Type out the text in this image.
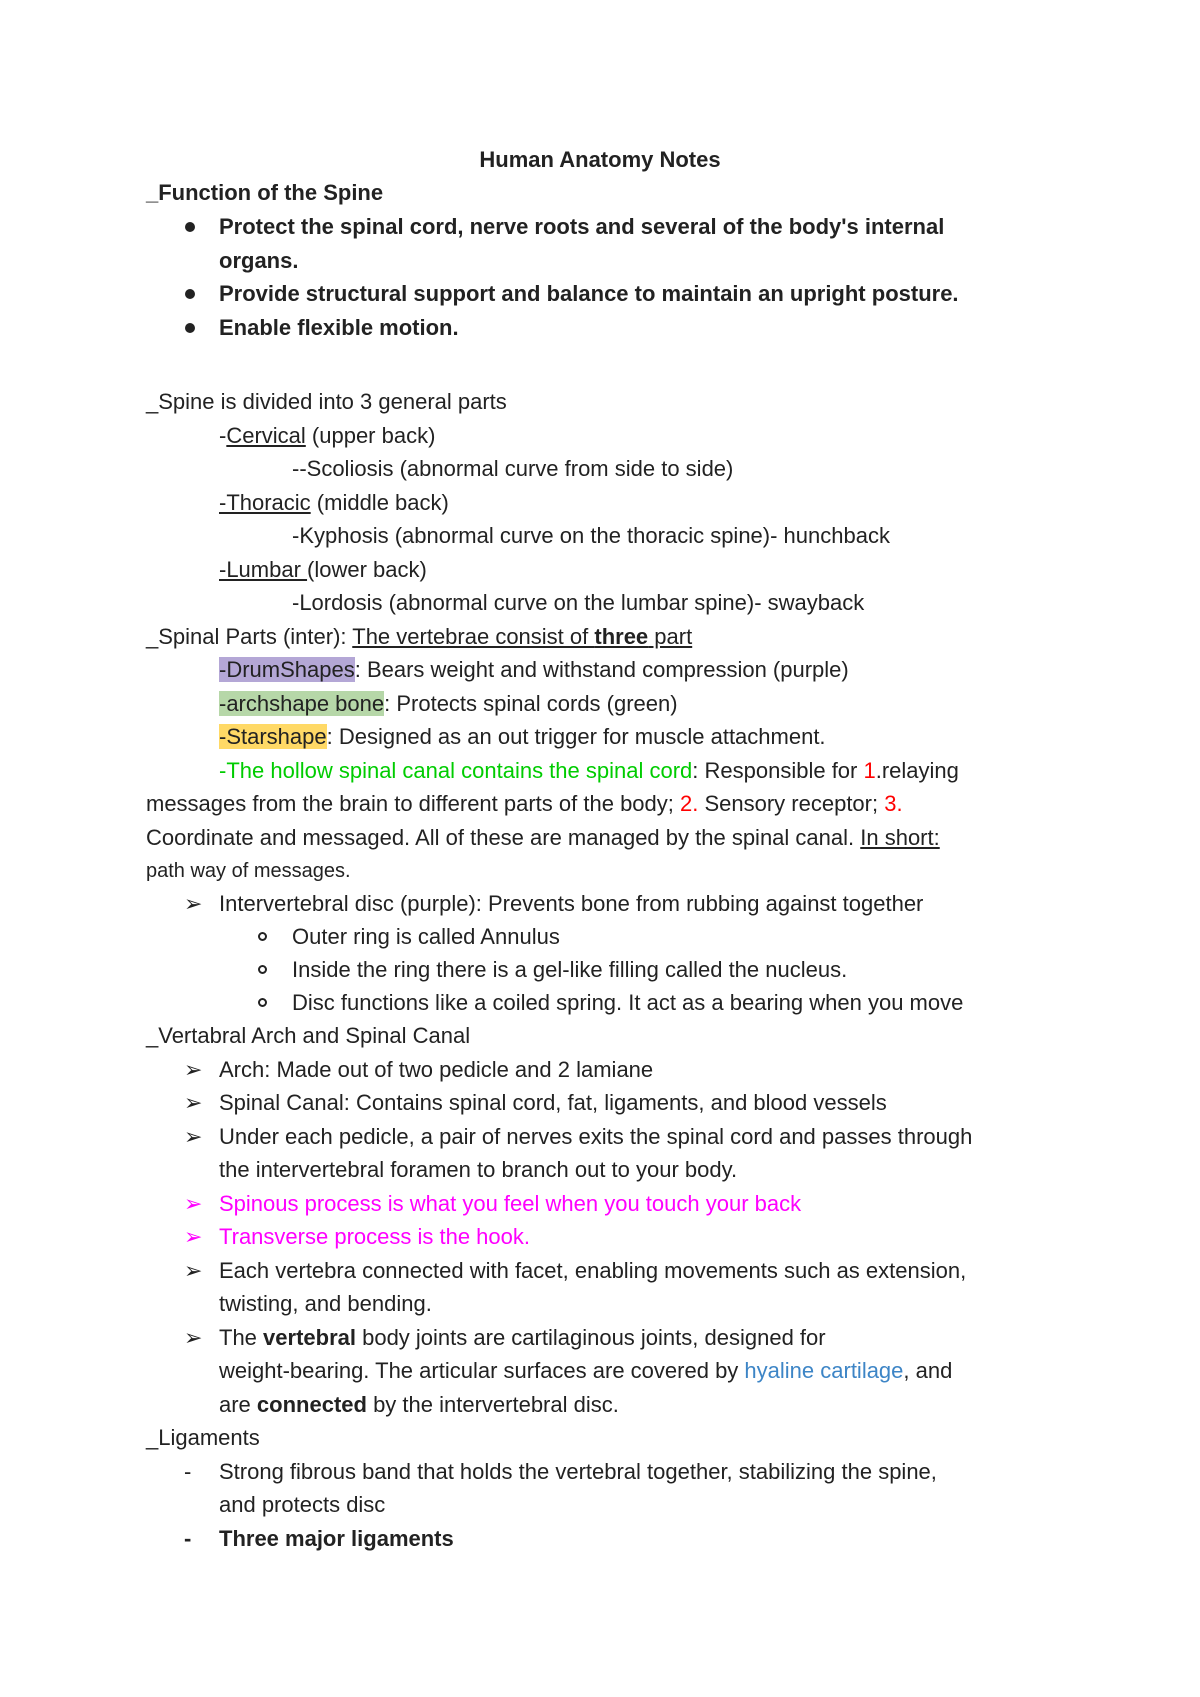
Human Anatomy Notes
_Function of the Spine
Protect the spinal cord, nerve roots and several of the body's internal
organs.
Provide structural support and balance to maintain an upright posture.
Enable flexible motion.
_Spine is divided into 3 general parts
-Cervical (upper back)
--Scoliosis (abnormal curve from side to side)
-Thoracic (middle back)
-Kyphosis (abnormal curve on the thoracic spine)- hunchback
-Lumbar (lower back)
-Lordosis (abnormal curve on the lumbar spine)- swayback
_Spinal Parts (inter): The vertebrae consist of three part
-DrumShapes: Bears weight and withstand compression (purple)
-archshape bone: Protects spinal cords (green)
-Starshape: Designed as an out trigger for muscle attachment.
-The hollow spinal canal contains the spinal cord: Responsible for 1.relaying
messages from the brain to different parts of the body; 2. Sensory receptor; 3.
Coordinate and messaged. All of these are managed by the spinal canal. In short:
path way of messages.
➢ Intervertebral disc (purple): Prevents bone from rubbing against together
Outer ring is called Annulus
Inside the ring there is a gel-like filling called the nucleus.
Disc functions like a coiled spring. It act as a bearing when you move
_Vertabral Arch and Spinal Canal
➢ Arch: Made out of two pedicle and 2 lamiane
➢ Spinal Canal: Contains spinal cord, fat, ligaments, and blood vessels
➢ Under each pedicle, a pair of nerves exits the spinal cord and passes through
the intervertebral foramen to branch out to your body.
➢ Spinous process is what you feel when you touch your back
➢ Transverse process is the hook.
➢ Each vertebra connected with facet, enabling movements such as extension,
twisting, and bending.
➢ The vertebral body joints are cartilaginous joints, designed for
weight-bearing. The articular surfaces are covered by hyaline cartilage, and
are connected by the intervertebral disc.
_Ligaments
- Strong fibrous band that holds the vertebral together, stabilizing the spine,
and protects disc
- Three major ligaments
